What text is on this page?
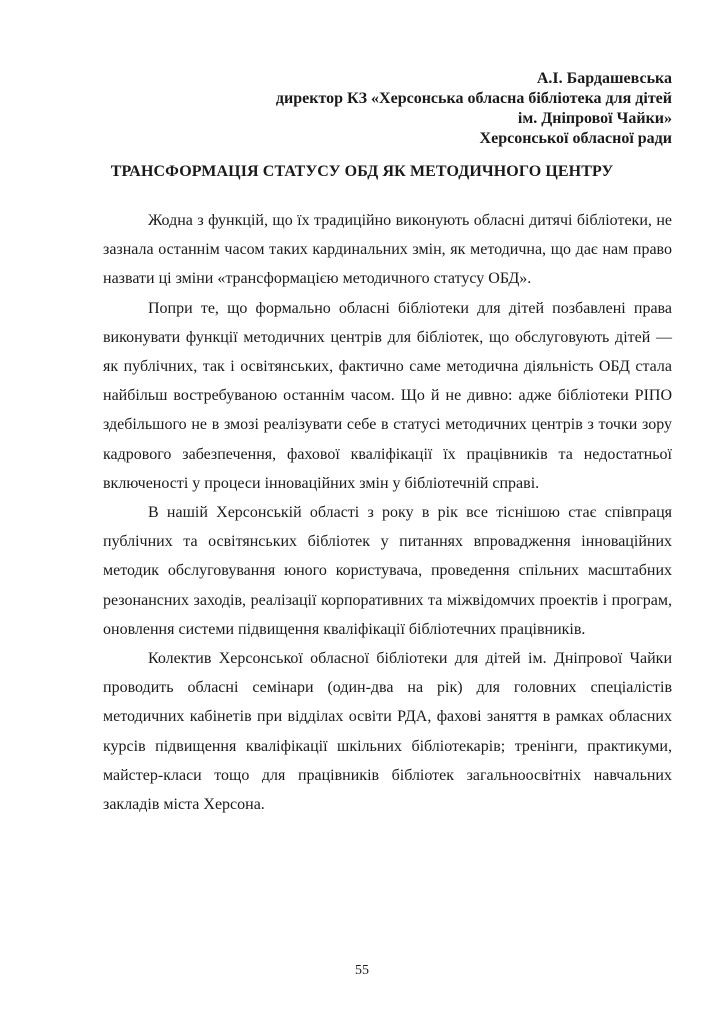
А.І. Бардашевська
директор КЗ «Херсонська обласна бібліотека для дітей
ім. Дніпрової Чайки»
Херсонської обласної ради
ТРАНСФОРМАЦІЯ СТАТУСУ ОБД ЯК МЕТОДИЧНОГО ЦЕНТРУ

Жодна з функцій, що їх традиційно виконують обласні дитячі бібліотеки, не зазнала останнім часом таких кардинальних змін, як методична, що дає нам право назвати ці зміни «трансформацією методичного статусу ОБД».

Попри те, що формально обласні бібліотеки для дітей позбавлені права виконувати функції методичних центрів для бібліотек, що обслуговують дітей — як публічних, так і освітянських, фактично саме методична діяльність ОБД стала найбільш востребуваною останнім часом. Що й не дивно: адже бібліотеки РІПО здебільшого не в змозі реалізувати себе в статусі методичних центрів з точки зору кадрового забезпечення, фахової кваліфікації їх працівників та недостатньої включеності у процеси інноваційних змін у бібліотечній справі.

В нашій Херсонській області з року в рік все тіснішою стає співпраця публічних та освітянських бібліотек у питаннях впровадження інноваційних методик обслуговування юного користувача, проведення спільних масштабних резонансних заходів, реалізації корпоративних та міжвідомчих проектів і програм, оновлення системи підвищення кваліфікації бібліотечних працівників.

Колектив Херсонської обласної бібліотеки для дітей ім. Дніпрової Чайки проводить обласні семінари (один-два на рік) для головних спеціалістів методичних кабінетів при відділах освіти РДА, фахові заняття в рамках обласних курсів підвищення кваліфікації шкільних бібліотекарів; тренінги, практикуми, майстер-класи тощо для працівників бібліотек загальноосвітніх навчальних закладів міста Херсона.

55
